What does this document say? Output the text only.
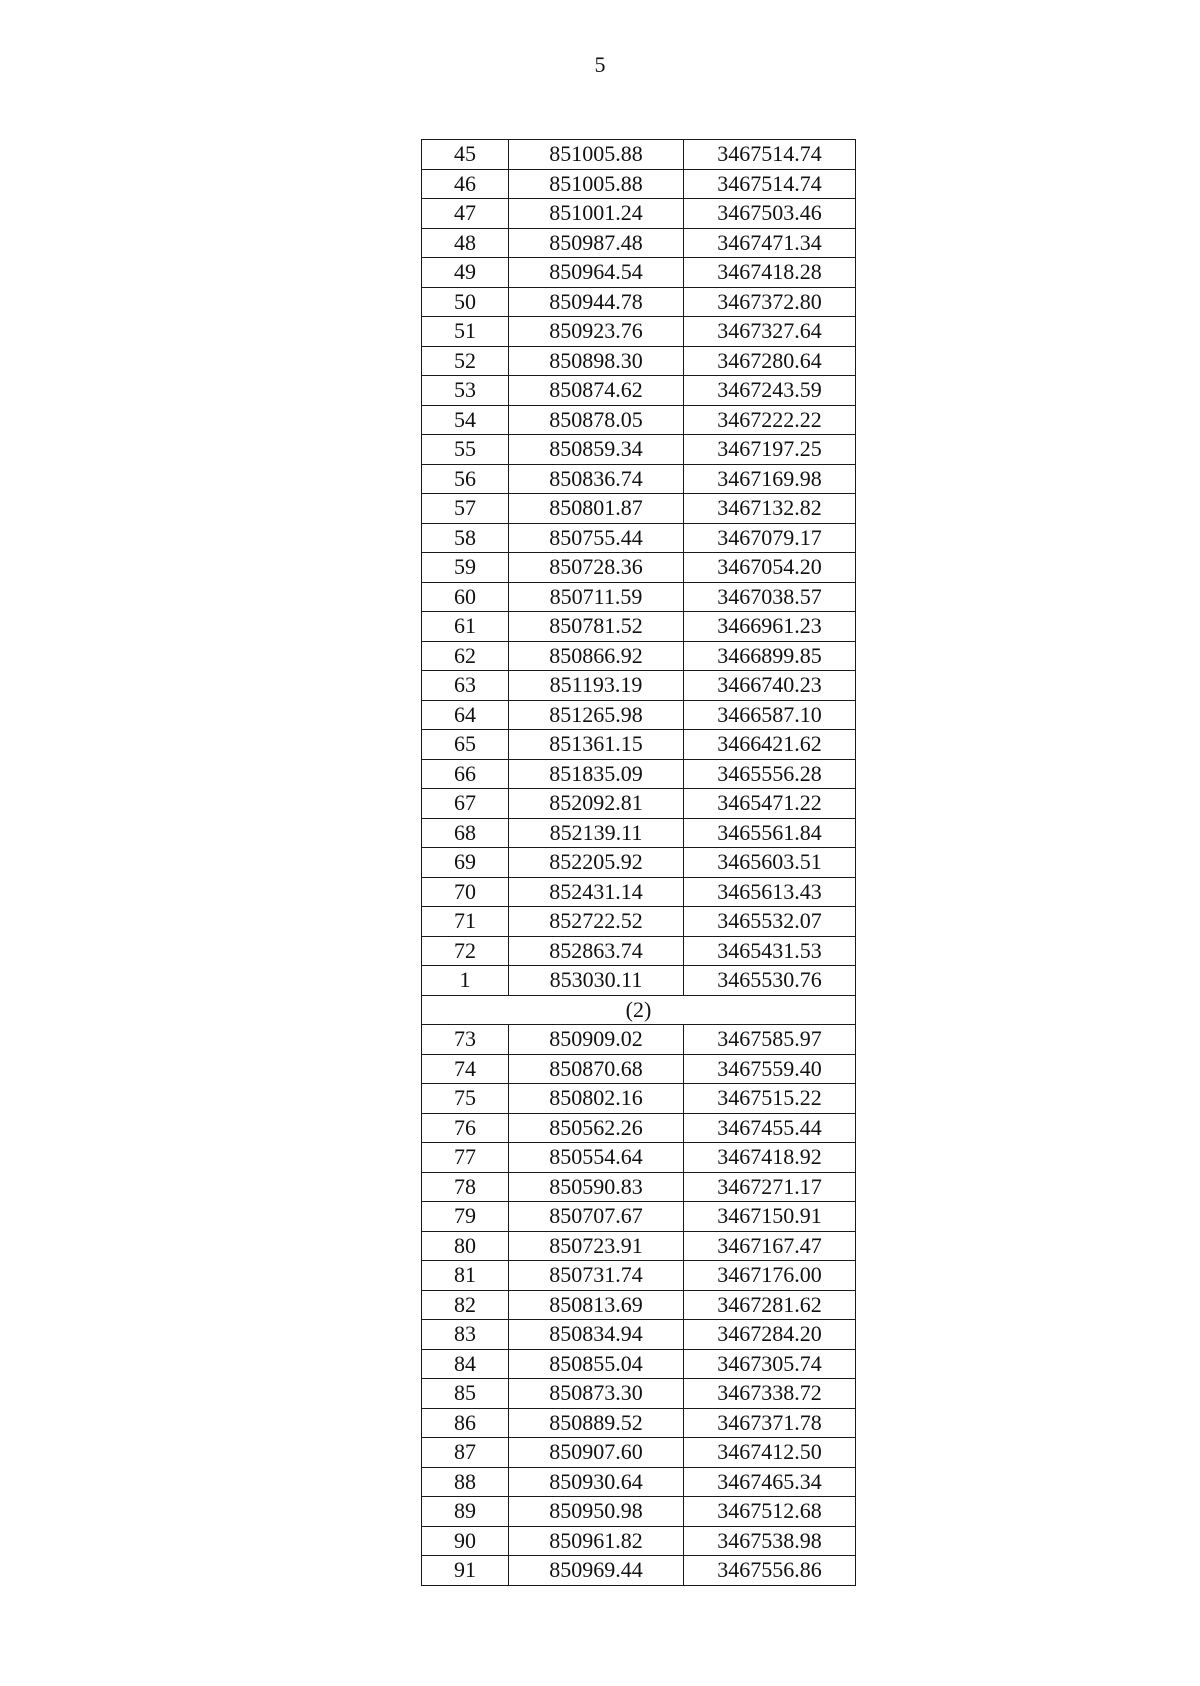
5
45	851005.88	3467514.74
46	851005.88	3467514.74
47	851001.24	3467503.46
48	850987.48	3467471.34
49	850964.54	3467418.28
50	850944.78	3467372.80
51	850923.76	3467327.64
52	850898.30	3467280.64
53	850874.62	3467243.59
54	850878.05	3467222.22
55	850859.34	3467197.25
56	850836.74	3467169.98
57	850801.87	3467132.82
58	850755.44	3467079.17
59	850728.36	3467054.20
60	850711.59	3467038.57
61	850781.52	3466961.23
62	850866.92	3466899.85
63	851193.19	3466740.23
64	851265.98	3466587.10
65	851361.15	3466421.62
66	851835.09	3465556.28
67	852092.81	3465471.22
68	852139.11	3465561.84
69	852205.92	3465603.51
70	852431.14	3465613.43
71	852722.52	3465532.07
72	852863.74	3465431.53
1	853030.11	3465530.76
(2)		
73	850909.02	3467585.97
74	850870.68	3467559.40
75	850802.16	3467515.22
76	850562.26	3467455.44
77	850554.64	3467418.92
78	850590.83	3467271.17
79	850707.67	3467150.91
80	850723.91	3467167.47
81	850731.74	3467176.00
82	850813.69	3467281.62
83	850834.94	3467284.20
84	850855.04	3467305.74
85	850873.30	3467338.72
86	850889.52	3467371.78
87	850907.60	3467412.50
88	850930.64	3467465.34
89	850950.98	3467512.68
90	850961.82	3467538.98
91	850969.44	3467556.86
